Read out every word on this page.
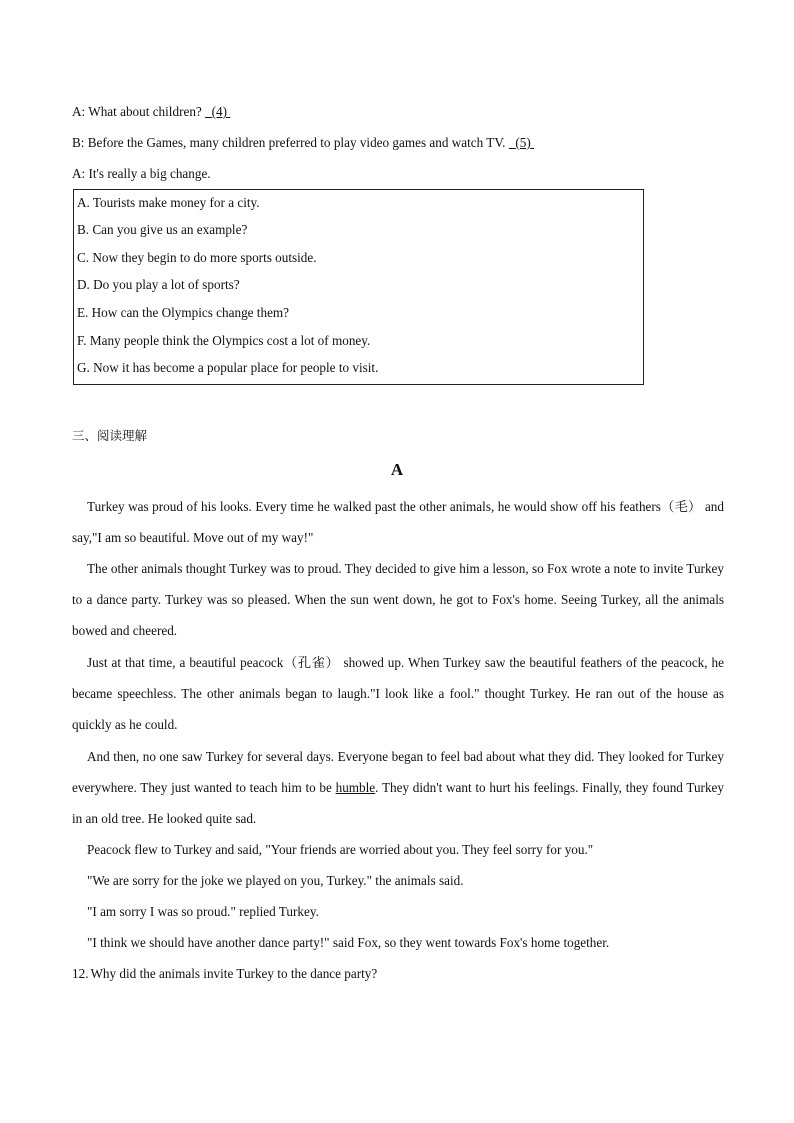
A: What about children? (4)
B: Before the Games, many children preferred to play video games and watch TV. (5)
A: It's really a big change.
A. Tourists make money for a city.
B. Can you give us an example?
C. Now they begin to do more sports outside.
D. Do you play a lot of sports?
E. How can the Olympics change them?
F. Many people think the Olympics cost a lot of money.
G. Now it has become a popular place for people to visit.
三、阅读理解
A
Turkey was proud of his looks. Every time he walked past the other animals, he would show off his feathers（毛） and say,"I am so beautiful. Move out of my way!"
The other animals thought Turkey was to proud. They decided to give him a lesson, so Fox wrote a note to invite Turkey to a dance party. Turkey was so pleased. When the sun went down, he got to Fox's home. Seeing Turkey, all the animals bowed and cheered.
Just at that time, a beautiful peacock（孔雀） showed up. When Turkey saw the beautiful feathers of the peacock, he became speechless. The other animals began to laugh."I look like a fool." thought Turkey. He ran out of the house as quickly as he could.
And then, no one saw Turkey for several days. Everyone began to feel bad about what they did. They looked for Turkey everywhere. They just wanted to teach him to be humble. They didn't want to hurt his feelings. Finally, they found Turkey in an old tree. He looked quite sad.
Peacock flew to Turkey and said, "Your friends are worried about you. They feel sorry for you."
"We are sorry for the joke we played on you, Turkey." the animals said.
"I am sorry I was so proud." replied Turkey.
"I think we should have another dance party!" said Fox, so they went towards Fox's home together.
12. Why did the animals invite Turkey to the dance party?
